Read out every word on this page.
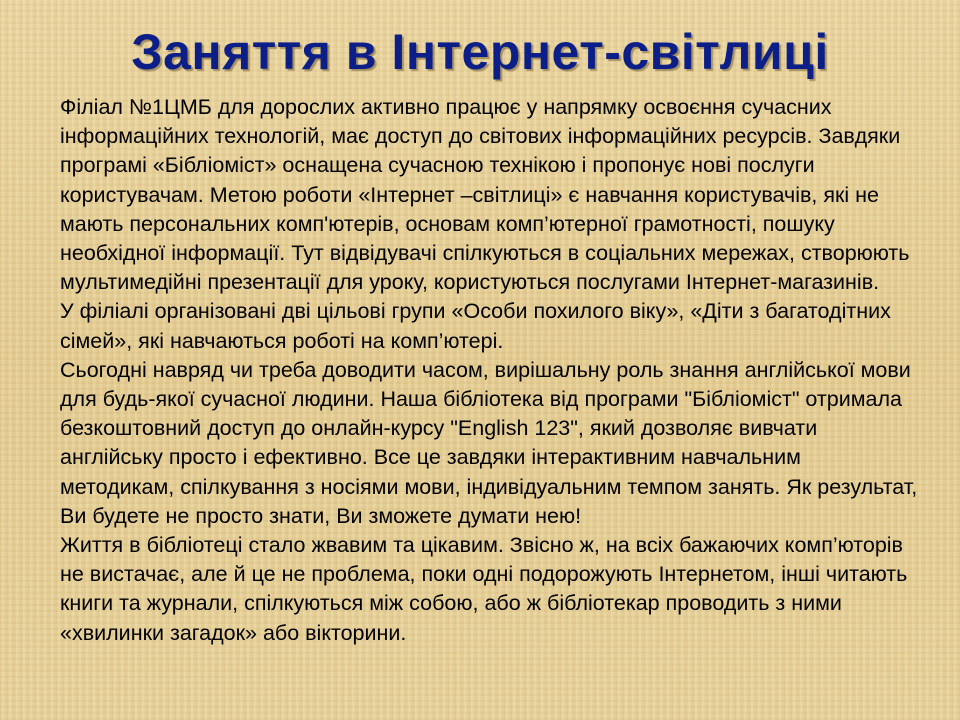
Заняття в Інтернет-світлиці

Філіал №1ЦМБ для дорослих активно працює у напрямку освоєння сучасних інформаційних технологій, має доступ до світових інформаційних ресурсів. Завдяки програмі «Бібліоміст» оснащена сучасною технікою і пропонує нові послуги користувачам. Метою роботи «Інтернет –світлиці» є навчання користувачів, які не мають персональних комп'ютерів, основам комп’ютерної грамотності, пошуку необхідної інформації. Тут відвідувачі спілкуються в соціальних мережах, створюють мультимедійні презентації для уроку, користуються послугами Інтернет-магазинів.

У філіалі організовані дві цільові групи «Особи похилого віку», «Діти з багатодітних сімей», які навчаються роботі на комп’ютері.

Сьогодні навряд чи треба доводити часом, вирішальну роль знання англійської мови для будь-якої сучасної людини. Наша бібліотека від програми "Бібліоміст" отримала безкоштовний доступ до онлайн-курсу "English 123", який дозволяє вивчати англійську просто і ефективно. Все це завдяки інтерактивним навчальним методикам, спілкування з носіями мови, індивідуальним темпом занять. Як результат, Ви будете не просто знати, Ви зможете думати нею!

Життя в бібліотеці стало жвавим та цікавим. Звісно ж, на всіх бажаючих комп’юторів не вистачає, але й це не проблема, поки одні подорожують Інтернетом, інші читають книги та журнали, спілкуються між собою, або ж бібліотекар проводить з ними «хвилинки загадок» або вікторини.
